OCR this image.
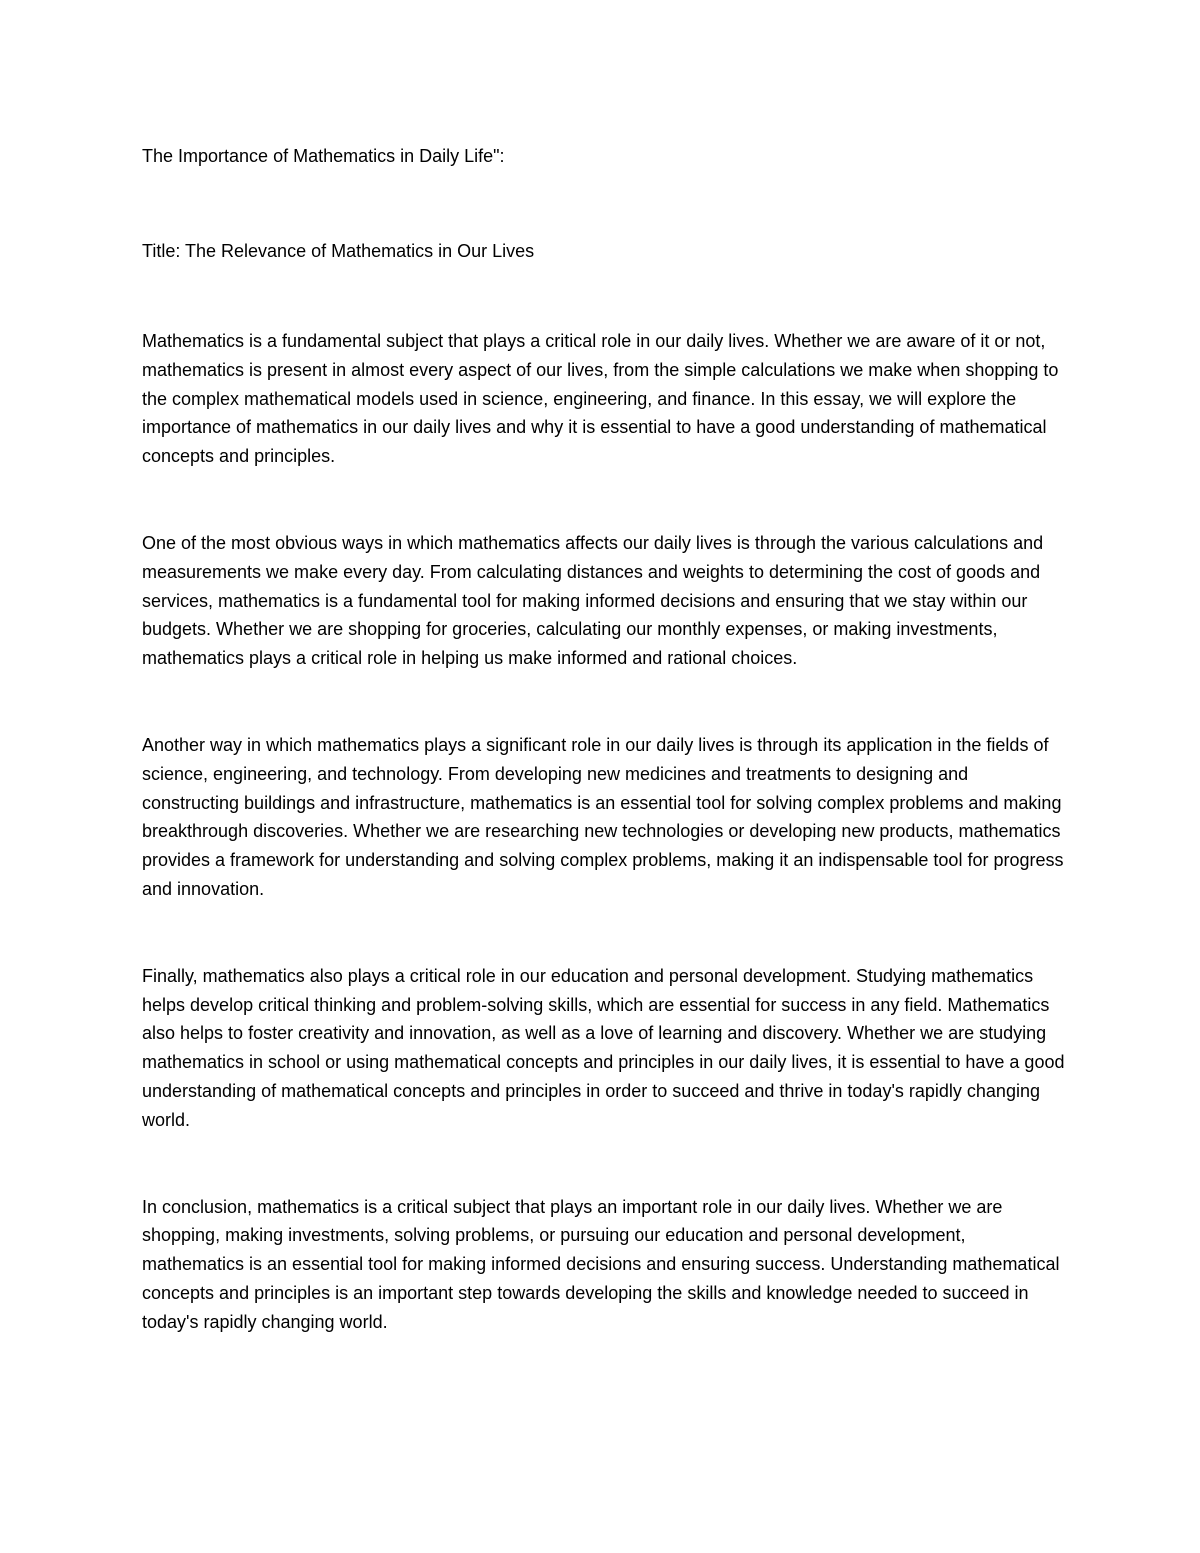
The Importance of Mathematics in Daily Life":

Title: The Relevance of Mathematics in Our Lives

Mathematics is a fundamental subject that plays a critical role in our daily lives. Whether we are aware of it or not, mathematics is present in almost every aspect of our lives, from the simple calculations we make when shopping to the complex mathematical models used in science, engineering, and finance. In this essay, we will explore the importance of mathematics in our daily lives and why it is essential to have a good understanding of mathematical concepts and principles.

One of the most obvious ways in which mathematics affects our daily lives is through the various calculations and measurements we make every day. From calculating distances and weights to determining the cost of goods and services, mathematics is a fundamental tool for making informed decisions and ensuring that we stay within our budgets. Whether we are shopping for groceries, calculating our monthly expenses, or making investments, mathematics plays a critical role in helping us make informed and rational choices.

Another way in which mathematics plays a significant role in our daily lives is through its application in the fields of science, engineering, and technology. From developing new medicines and treatments to designing and constructing buildings and infrastructure, mathematics is an essential tool for solving complex problems and making breakthrough discoveries. Whether we are researching new technologies or developing new products, mathematics provides a framework for understanding and solving complex problems, making it an indispensable tool for progress and innovation.

Finally, mathematics also plays a critical role in our education and personal development. Studying mathematics helps develop critical thinking and problem-solving skills, which are essential for success in any field. Mathematics also helps to foster creativity and innovation, as well as a love of learning and discovery. Whether we are studying mathematics in school or using mathematical concepts and principles in our daily lives, it is essential to have a good understanding of mathematical concepts and principles in order to succeed and thrive in today's rapidly changing world.

In conclusion, mathematics is a critical subject that plays an important role in our daily lives. Whether we are shopping, making investments, solving problems, or pursuing our education and personal development, mathematics is an essential tool for making informed decisions and ensuring success. Understanding mathematical concepts and principles is an important step towards developing the skills and knowledge needed to succeed in today's rapidly changing world.
